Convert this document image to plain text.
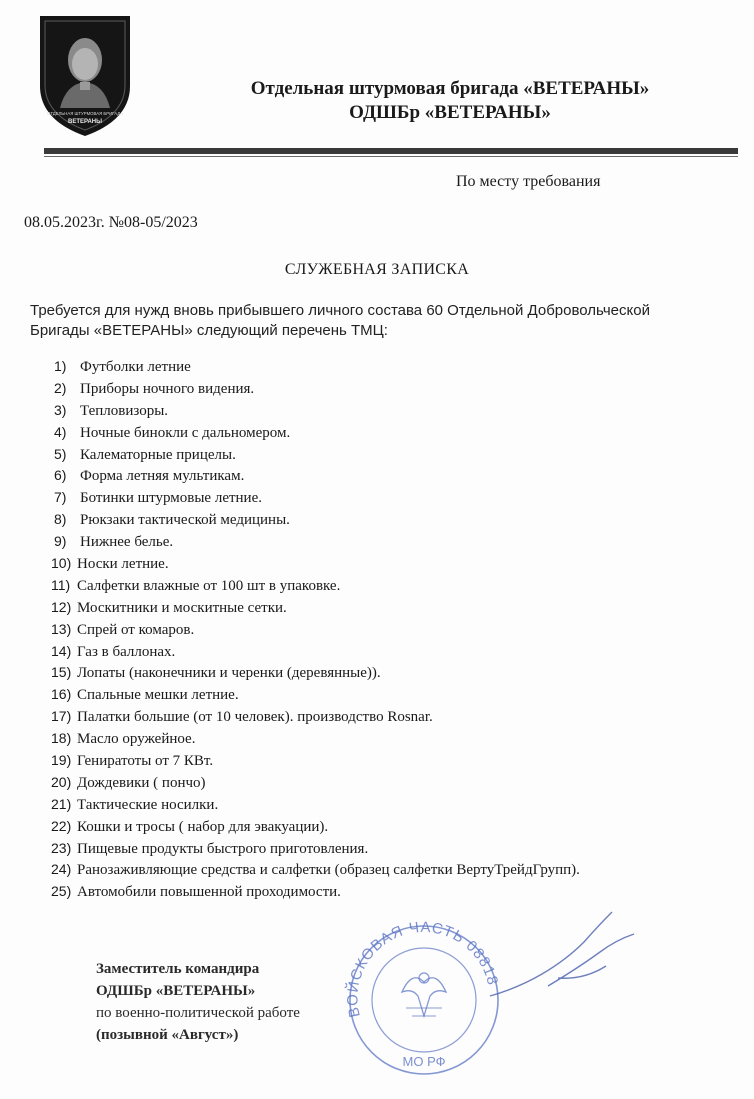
ОТДЕЛЬНАЯ ШТУРМОВАЯ БРИГАДА
ВЕТЕРАНЫ
Отдельная штурмовая бригада «ВЕТЕРАНЫ»
ОДШБр «ВЕТЕРАНЫ»
По месту требования
08.05.2023г. №08-05/2023
СЛУЖЕБНАЯ ЗАПИСКА
Требуется для нужд вновь прибывшего личного состава 60 Отдельной Добровольческой Бригады «ВЕТЕРАНЫ» следующий перечень ТМЦ:
1) Футболки летние
2) Приборы ночного видения.
3) Тепловизоры.
4) Ночные бинокли с дальномером.
5) Калематорные прицелы.
6) Форма летняя мультикам.
7) Ботинки штурмовые летние.
8) Рюкзаки тактической медицины.
9) Нижнее белье.
10) Носки летние.
11) Салфетки влажные от 100 шт в упаковке.
12) Москитники и москитные сетки.
13) Спрей от комаров.
14) Газ в баллонах.
15) Лопаты (наконечники и черенки (деревянные)).
16) Спальные мешки летние.
17) Палатки большие (от 10 человек). производство Rosnar.
18) Масло оружейное.
19) Гениратоты от 7 КВт.
20) Дождевики ( пончо)
21) Тактические носилки.
22) Кошки и тросы ( набор для эвакуации).
23) Пищевые продукты быстрого приготовления.
24) Ранозаживляющие средства и салфетки (образец салфетки ВертуТрейдГрупп).
25) Автомобили повышенной проходимости.
Заместитель командира
ОДШБр «ВЕТЕРАНЫ»
по военно-политической работе
(позывной «Август»)
ВОЙСКОВАЯ ЧАСТЬ 08818
МО РФ
